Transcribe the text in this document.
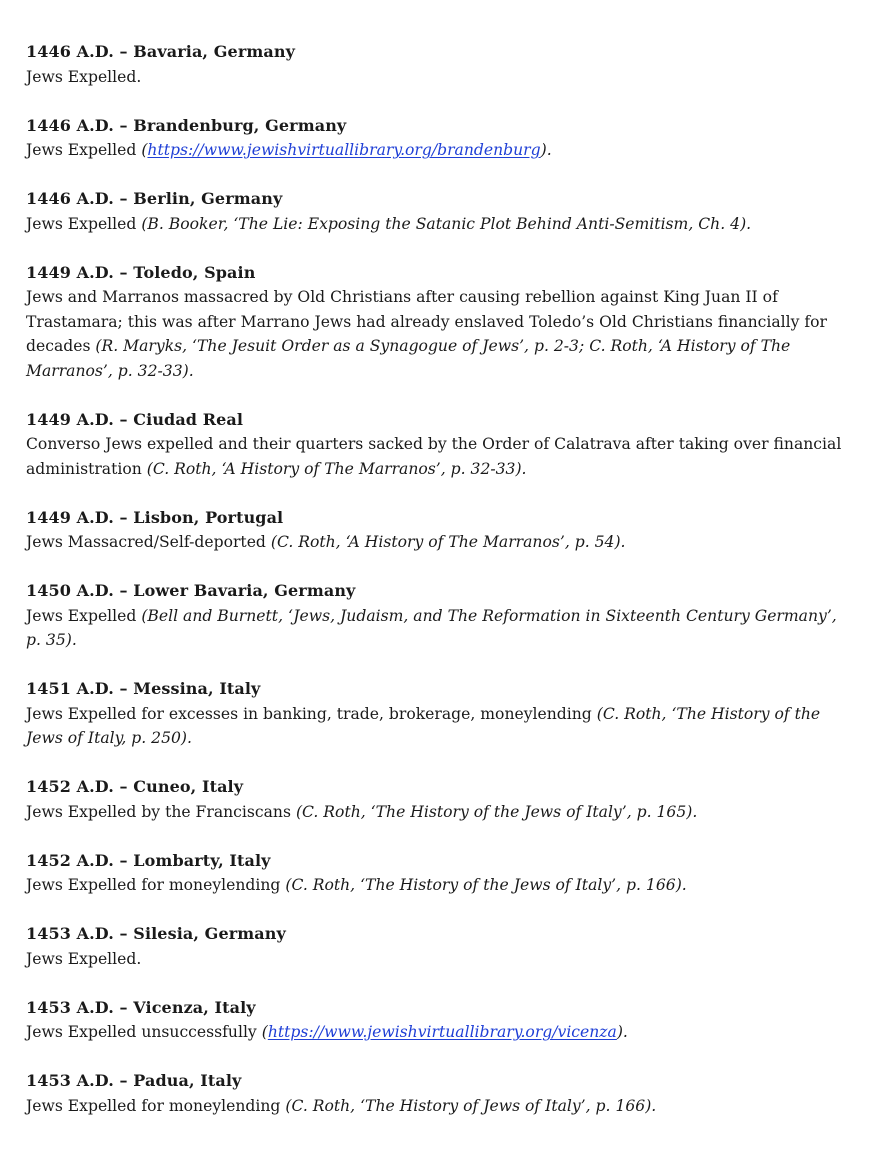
1446 A.D. – Bavaria, Germany
Jews Expelled.
1446 A.D. – Brandenburg, Germany
Jews Expelled (https://www.jewishvirtuallibrary.org/brandenburg).
1446 A.D. – Berlin, Germany
Jews Expelled (B. Booker, ‘The Lie: Exposing the Satanic Plot Behind Anti-Semitism, Ch. 4).
1449 A.D. – Toledo, Spain
Jews and Marranos massacred by Old Christians after causing rebellion against King Juan II of Trastamara; this was after Marrano Jews had already enslaved Toledo’s Old Christians financially for decades (R. Maryks, ‘The Jesuit Order as a Synagogue of Jews’, p. 2-3; C. Roth, ‘A History of The Marranos’, p. 32-33).
1449 A.D. – Ciudad Real
Converso Jews expelled and their quarters sacked by the Order of Calatrava after taking over financial administration (C. Roth, ‘A History of The Marranos’, p. 32-33).
1449 A.D. – Lisbon, Portugal
Jews Massacred/Self-deported (C. Roth, ‘A History of The Marranos’, p. 54).
1450 A.D. – Lower Bavaria, Germany
Jews Expelled (Bell and Burnett, ‘Jews, Judaism, and The Reformation in Sixteenth Century Germany’, p. 35).
1451 A.D. – Messina, Italy
Jews Expelled for excesses in banking, trade, brokerage, moneylending (C. Roth, ‘The History of the Jews of Italy, p. 250).
1452 A.D. – Cuneo, Italy
Jews Expelled by the Franciscans (C. Roth, ‘The History of the Jews of Italy’, p. 165).
1452 A.D. – Lombarty, Italy
Jews Expelled for moneylending (C. Roth, ‘The History of the Jews of Italy’, p. 166).
1453 A.D. – Silesia, Germany
Jews Expelled.
1453 A.D. – Vicenza, Italy
Jews Expelled unsuccessfully (https://www.jewishvirtuallibrary.org/vicenza).
1453 A.D. – Padua, Italy
Jews Expelled for moneylending (C. Roth, ‘The History of Jews of Italy’, p. 166).
